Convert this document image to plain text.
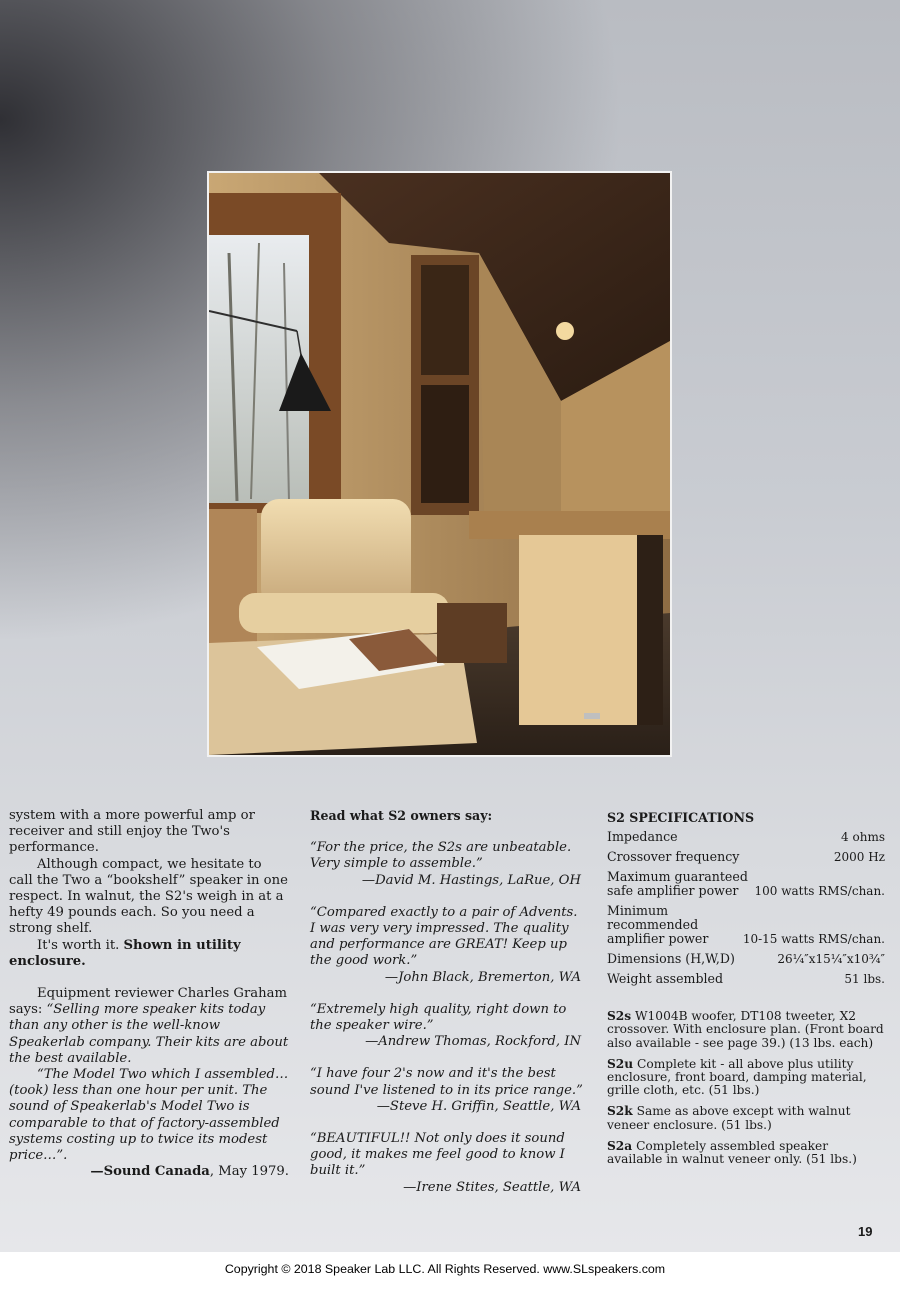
system with a more powerful amp or receiver and still enjoy the Two's performance.

Although compact, we hesitate to call the Two a “bookshelf” speaker in one respect. In walnut, the S2's weigh in at a hefty 49 pounds each. So you need a strong shelf.

It's worth it. Shown in utility enclosure.

Equipment reviewer Charles Graham says: “Selling more speaker kits today than any other is the well-know Speakerlab company. Their kits are about the best available.

“The Model Two which I assembled…(took) less than one hour per unit. The sound of Speakerlab's Model Two is comparable to that of factory-assembled systems costing up to twice its modest price…”.

—Sound Canada, May 1979.

Read what S2 owners say:

“For the price, the S2s are unbeatable. Very simple to assemble.”

—David M. Hastings, LaRue, OH

“Compared exactly to a pair of Advents. I was very very impressed. The quality and performance are GREAT! Keep up the good work.”

—John Black, Bremerton, WA

“Extremely high quality, right down to the speaker wire.”

—Andrew Thomas, Rockford, IN

“I have four 2's now and it's the best sound I've listened to in its price range.”

—Steve H. Griffin, Seattle, WA

“BEAUTIFUL!! Not only does it sound good, it makes me feel good to know I built it.”

—Irene Stites, Seattle, WA

S2 SPECIFICATIONS

Impedance	4 ohms
Crossover frequency	2000 Hz
Maximum guaranteed safe amplifier power	100 watts RMS/chan.
Minimum recommended amplifier power	10-15 watts RMS/chan.
Dimensions (H,W,D)	26¼″x15¼″x10¾″
Weight assembled	51 lbs.

S2s W1004B woofer, DT108 tweeter, X2 crossover. With enclosure plan. (Front board also available - see page 39.) (13 lbs. each)

S2u Complete kit - all above plus utility enclosure, front board, damping material, grille cloth, etc. (51 lbs.)

S2k Same as above except with walnut veneer enclosure. (51 lbs.)

S2a Completely assembled speaker available in walnut veneer only. (51 lbs.)

19
Copyright © 2018 Speaker Lab LLC. All Rights Reserved. www.SLspeakers.com
